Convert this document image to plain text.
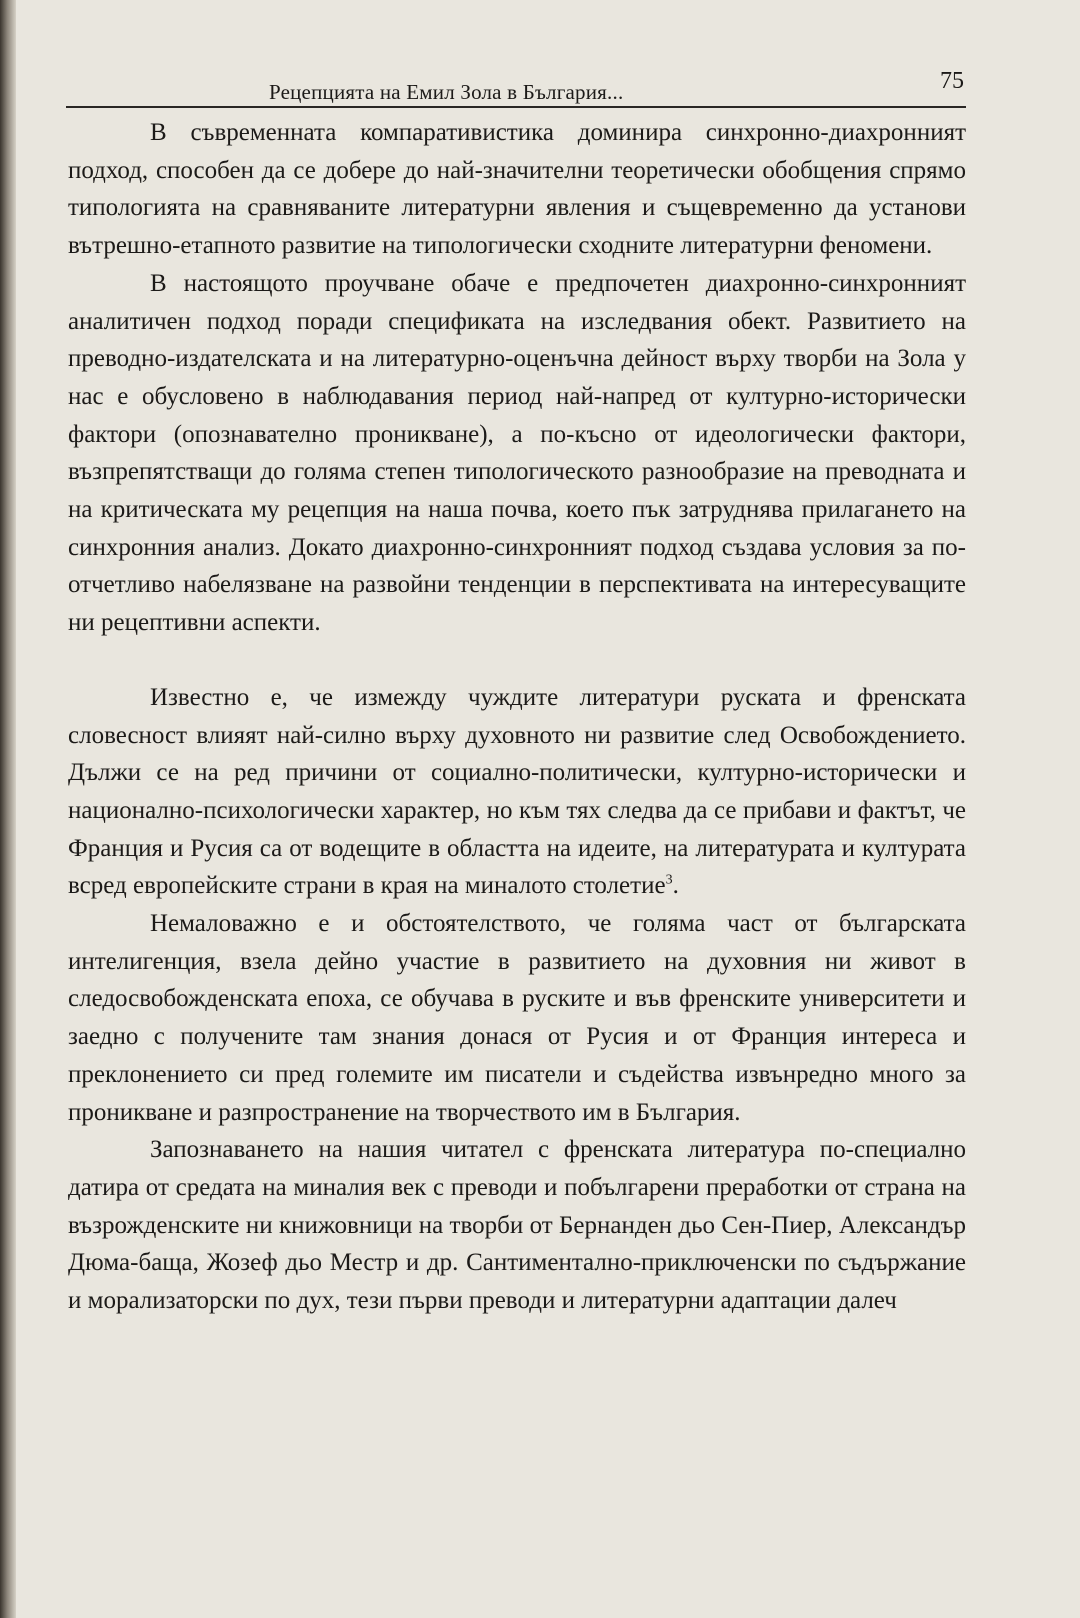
Рецепцията на Емил Зола в България...	75

В съвременната компаративистика доминира синхронно-диахронният подход, способен да се добере до най-значителни теоретически обобщения спрямо типологията на сравняваните литературни явления и същевременно да установи вътрешно-етапното развитие на типологически сходните литературни феномени.

В настоящото проучване обаче е предпочетен диахронно-синхронният аналитичен подход поради спецификата на изследвания обект. Развитието на преводно-издателската и на литературно-оценъчна дейност върху творби на Зола у нас е обусловено в наблюдавания период най-напред от културно-исторически фактори (опознавателно проникване), а по-късно от идеологически фактори, възпрепятстващи до голяма степен типологическото разнообразие на преводната и на критическата му рецепция на наша почва, което пък затруднява прилагането на синхронния анализ. Докато диахронно-синхронният подход създава условия за по-отчетливо набелязване на развойни тенденции в перспективата на интересуващите ни рецептивни аспекти.

Известно е, че измежду чуждите литератури руската и френската словесност влияят най-силно върху духовното ни развитие след Освобождението. Дължи се на ред причини от социално-политически, културно-исторически и национално-психологически характер, но към тях следва да се прибави и фактът, че Франция и Русия са от водещите в областта на идеите, на литературата и културата всред европейските страни в края на миналото столетие$^3$.

Немаловажно е и обстоятелството, че голяма част от българската интелигенция, взела дейно участие в развитието на духовния ни живот в следосвобожденската епоха, се обучава в руските и във френските университети и заедно с получените там знания донася от Русия и от Франция интереса и преклонението си пред големите им писатели и съдейства извънредно много за проникване и разпространение на творчеството им в България.

Запознаването на нашия читател с френската литература по-специално датира от средата на миналия век с преводи и побългарени преработки от страна на възрожденските ни книжовници на творби от Бернанден дьо Сен-Пиер, Александър Дюма-баща, Жозеф дьо Местр и др. Сантиментално-приключенски по съдържание и морализаторски по дух, тези първи преводи и литературни адаптации далеч
